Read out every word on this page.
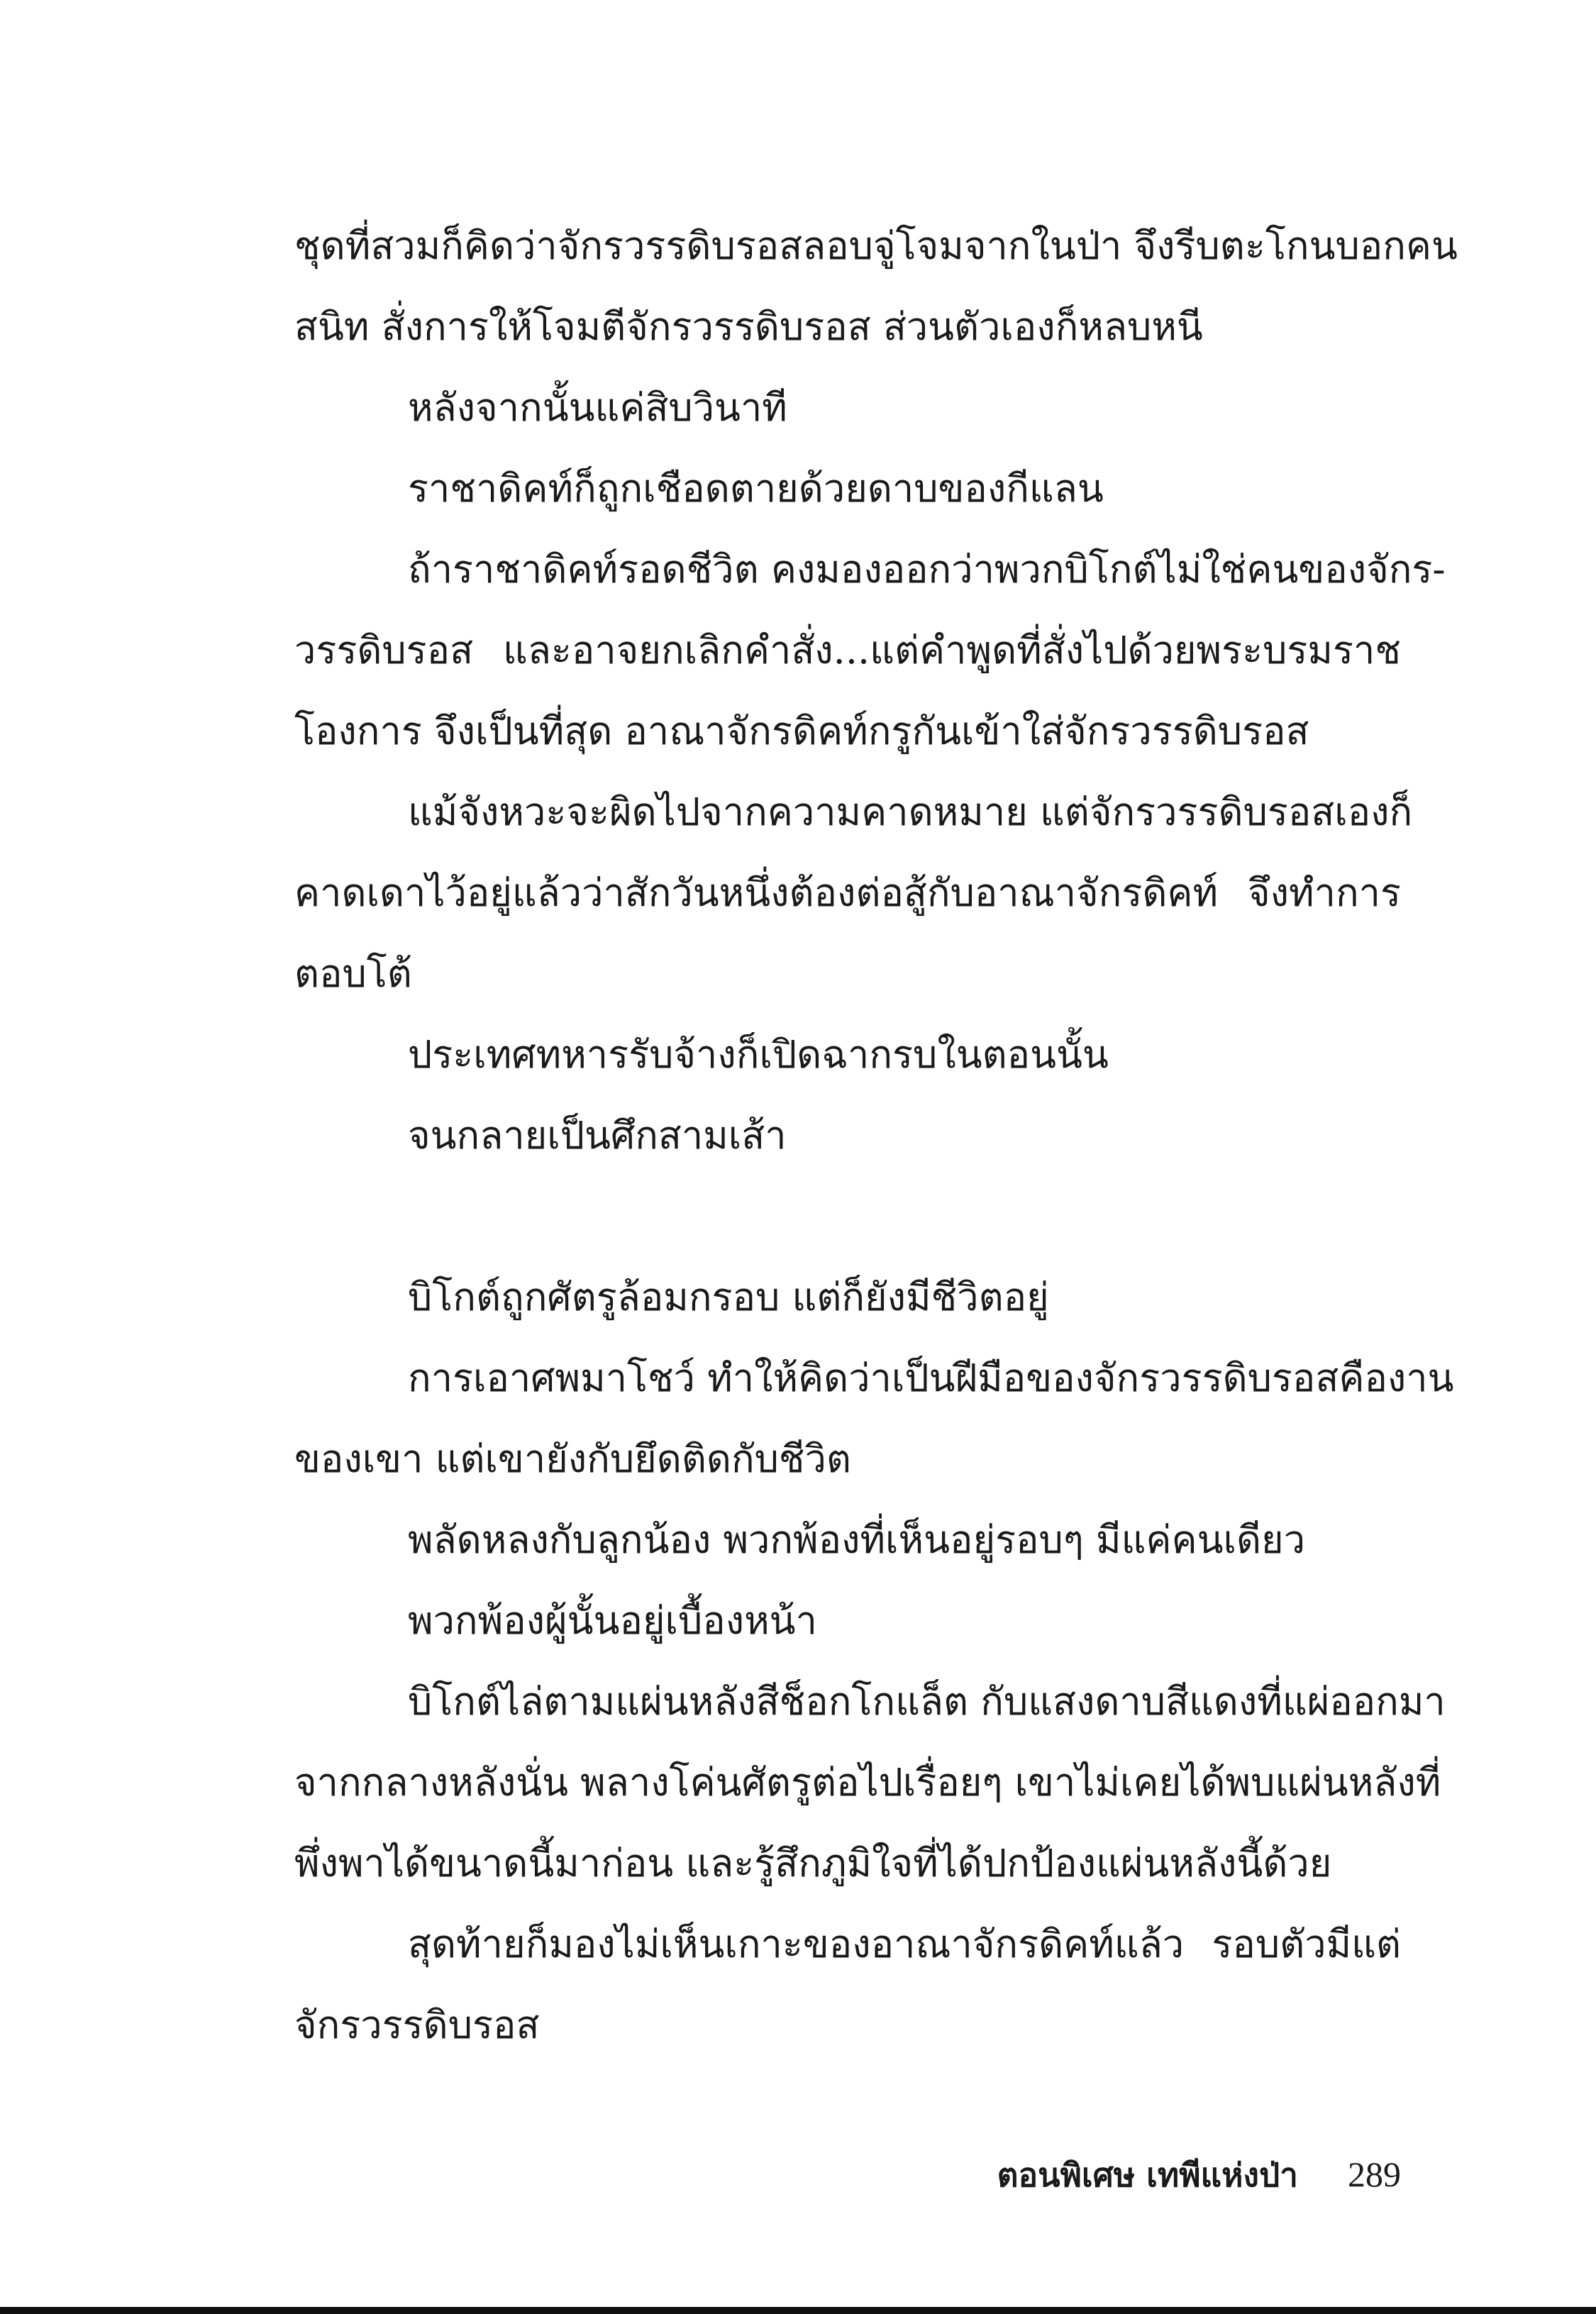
ชุดที่สวมก็คิดว่าจักรวรรดิบรอสลอบจู่โจมจากในป่า จึงรีบตะโกนบอกคน
สนิท สั่งการให้โจมตีจักรวรรดิบรอส ส่วนตัวเองก็หลบหนี
หลังจากนั้นแค่สิบวินาที
ราชาดิคท์ก็ถูกเชือดตายด้วยดาบของกีแลน
ถ้าราชาดิคท์รอดชีวิต คงมองออกว่าพวกบิโกต์ไม่ใช่คนของจักร-
วรรดิบรอส และอาจยกเลิกคำสั่ง...แต่คำพูดที่สั่งไปด้วยพระบรมราช
โองการ จึงเป็นที่สุด อาณาจักรดิคท์กรูกันเข้าใส่จักรวรรดิบรอส
แม้จังหวะจะผิดไปจากความคาดหมาย แต่จักรวรรดิบรอสเองก็
คาดเดาไว้อยู่แล้วว่าสักวันหนึ่งต้องต่อสู้กับอาณาจักรดิคท์ จึงทำการ
ตอบโต้
ประเทศทหารรับจ้างก็เปิดฉากรบในตอนนั้น
จนกลายเป็นศึกสามเส้า
บิโกต์ถูกศัตรูล้อมกรอบ แต่ก็ยังมีชีวิตอยู่
การเอาศพมาโชว์ ทำให้คิดว่าเป็นฝีมือของจักรวรรดิบรอสคืองาน
ของเขา แต่เขายังกับยึดติดกับชีวิต
พลัดหลงกับลูกน้อง พวกพ้องที่เห็นอยู่รอบๆ มีแค่คนเดียว
พวกพ้องผู้นั้นอยู่เบื้องหน้า
บิโกต์ไล่ตามแผ่นหลังสีช็อกโกแล็ต กับแสงดาบสีแดงที่แผ่ออกมา
จากกลางหลังนั่น พลางโค่นศัตรูต่อไปเรื่อยๆ เขาไม่เคยได้พบแผ่นหลังที่
พึ่งพาได้ขนาดนี้มาก่อน และรู้สึกภูมิใจที่ได้ปกป้องแผ่นหลังนี้ด้วย
สุดท้ายก็มองไม่เห็นเกาะของอาณาจักรดิคท์แล้ว รอบตัวมีแต่
จักรวรรดิบรอส
ตอนพิเศษ เทพีแห่งป่า 289
